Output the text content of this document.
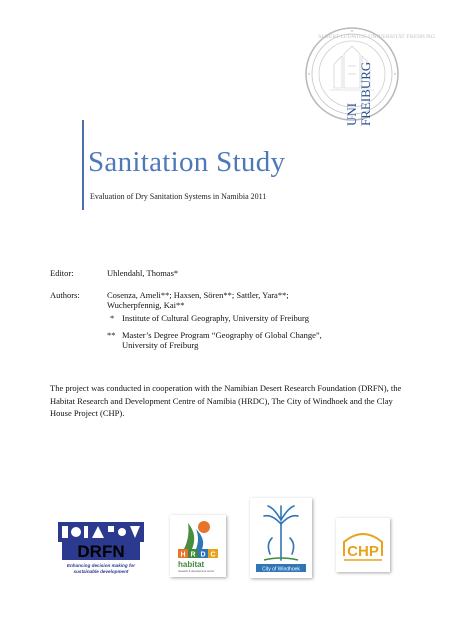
ALBERT-LUDWIGS-UNIVERSITÄT FREIBURG
UNI FREIBURG
Sanitation Study
Evaluation of Dry Sanitation Systems in Namibia 2011
Editor:	Uhlendahl, Thomas*
Authors:	Cosenza, Ameli**; Haxsen, Sören**; Sattler, Yara**;
Wucherpfennig, Kai**
* Institute of Cultural Geography, University of Freiburg
** Master’s Degree Program “Geography of Global Change”,
University of Freiburg
The project was conducted in cooperation with the Namibian Desert Research Foundation (DRFN), the Habitat Research and Development Centre of Namibia (HRDC), The City of Windhoek and the Clay House Project (CHP).
DRFN
Enhancing decision making for
sustainable development
H R D C
habitat
research & development centre	City of Windhoek
CHP
